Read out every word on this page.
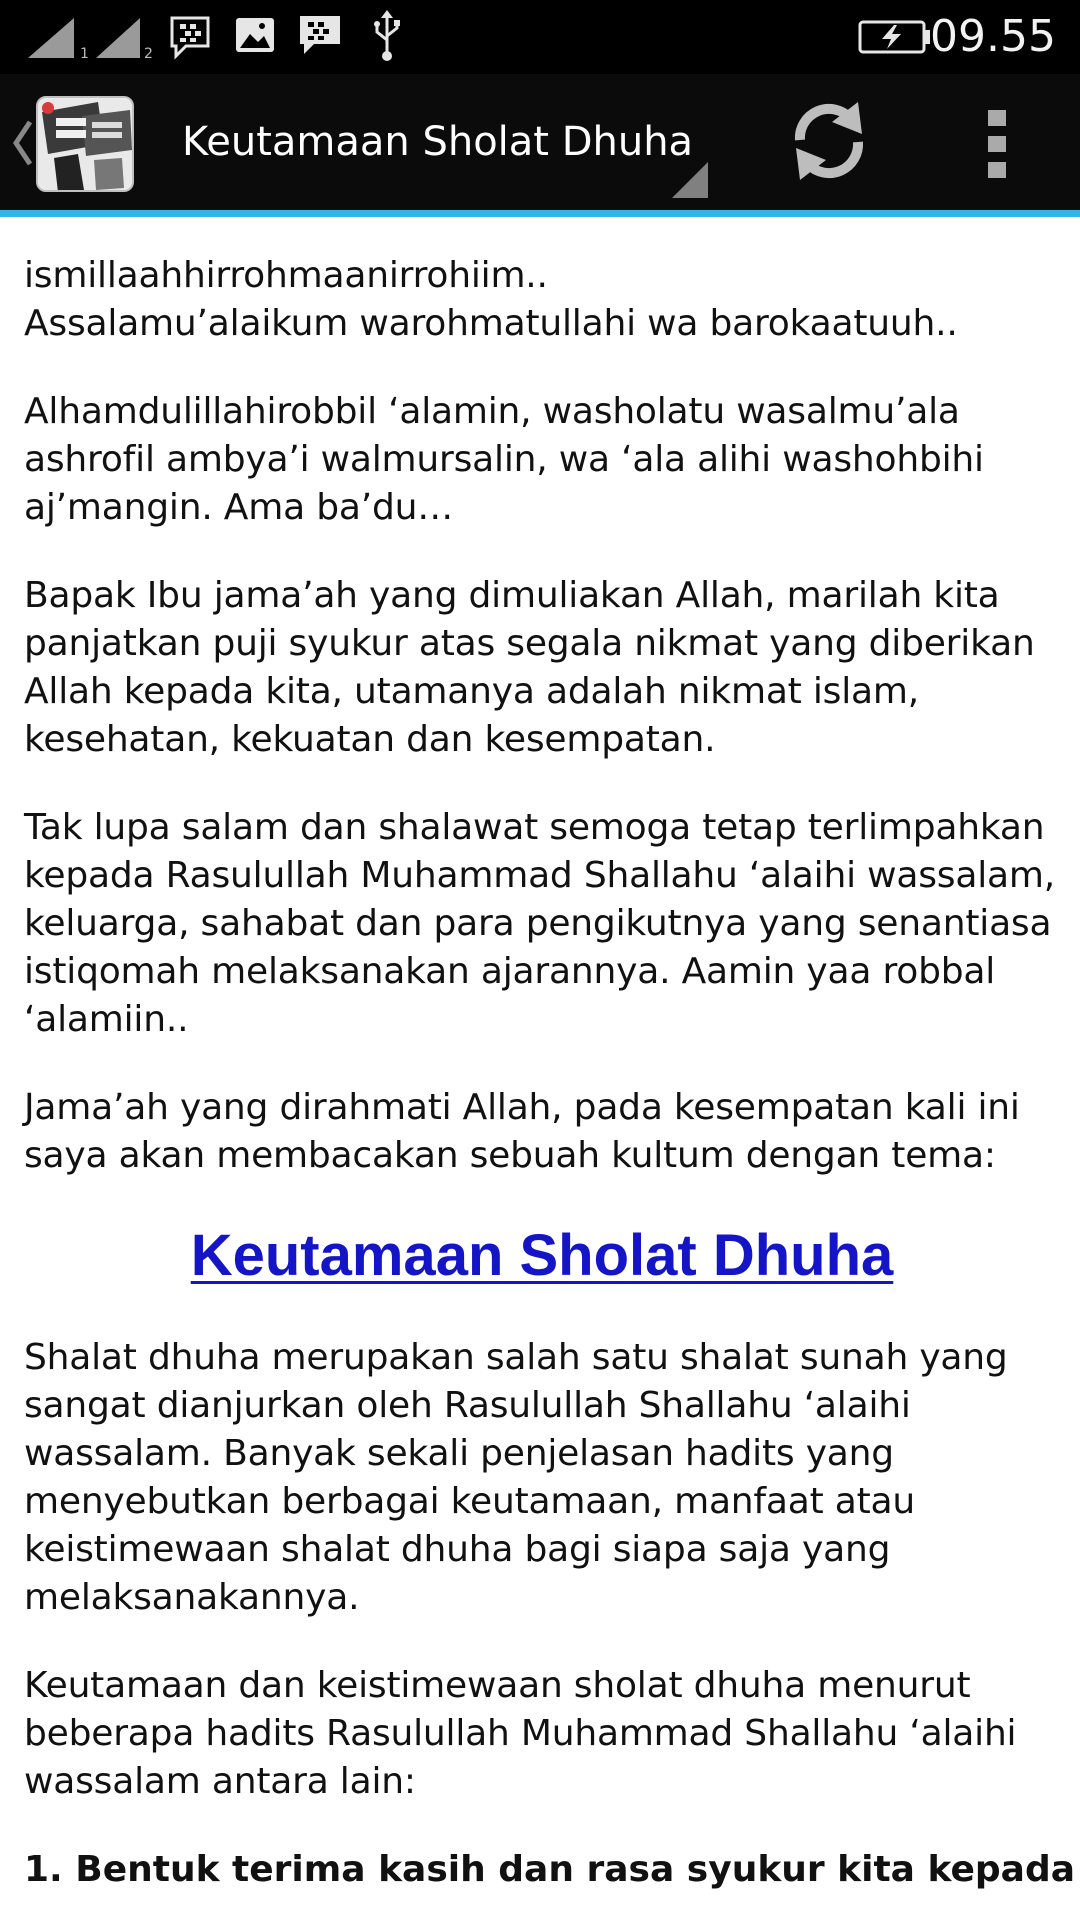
1	2	09.55
Keutamaan Sholat Dhuha

ismillaahhirrohmaanirrohiim..
Assalamu’alaikum warohmatullahi wa barokaatuuh..

Alhamdulillahirobbil ‘alamin, washolatu wasalmu’ala ashrofil ambya’i walmursalin, wa ‘ala alihi washohbihi aj’mangin. Ama ba’du…

Bapak Ibu jama’ah yang dimuliakan Allah, marilah kita panjatkan puji syukur atas segala nikmat yang diberikan Allah kepada kita, utamanya adalah nikmat islam, kesehatan, kekuatan dan kesempatan.

Tak lupa salam dan shalawat semoga tetap terlimpahkan kepada Rasulullah Muhammad Shallahu ‘alaihi wassalam, keluarga, sahabat dan para pengikutnya yang senantiasa istiqomah melaksanakan ajarannya. Aamin yaa robbal ‘alamiin..

Jama’ah yang dirahmati Allah, pada kesempatan kali ini saya akan membacakan sebuah kultum dengan tema:

Keutamaan Sholat Dhuha

Shalat dhuha merupakan salah satu shalat sunah yang sangat dianjurkan oleh Rasulullah Shallahu ‘alaihi wassalam. Banyak sekali penjelasan hadits yang menyebutkan berbagai keutamaan, manfaat atau keistimewaan shalat dhuha bagi siapa saja yang melaksanakannya.

Keutamaan dan keistimewaan sholat dhuha menurut beberapa hadits Rasulullah Muhammad Shallahu ‘alaihi wassalam antara lain:

1. Bentuk terima kasih dan rasa syukur kita kepada
